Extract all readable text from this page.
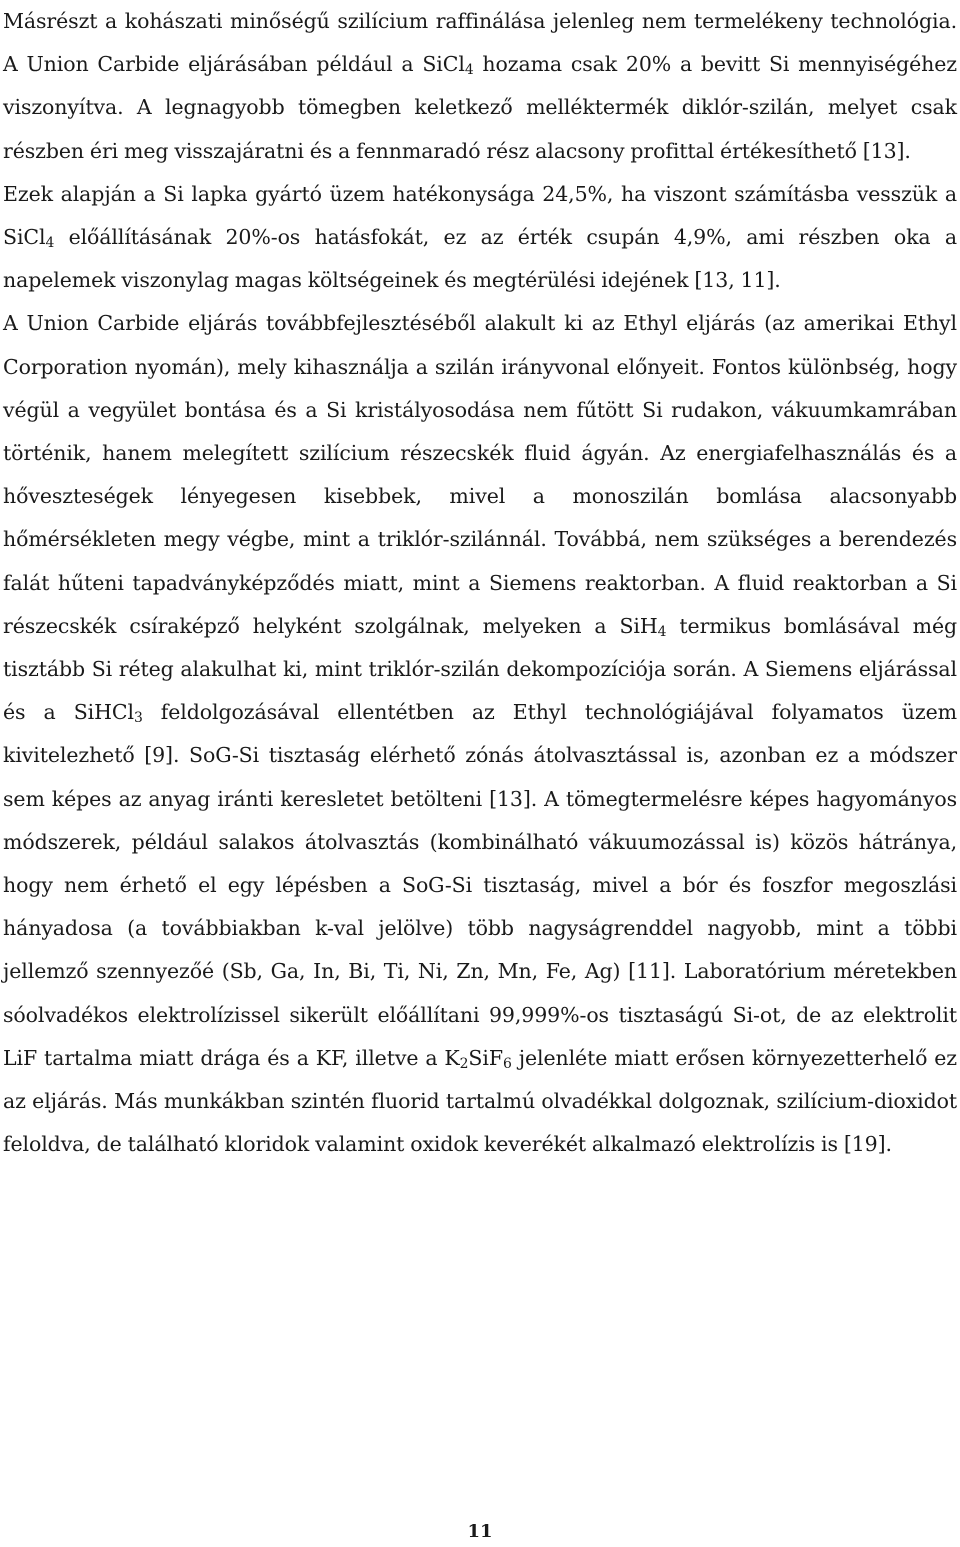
Másrészt a kohászati minőségű szilícium raffinálása jelenleg nem termelékeny technológia. A Union Carbide eljárásában például a SiCl$_4$ hozama csak 20% a bevitt Si mennyiségéhez viszonyítva. A legnagyobb tömegben keletkező melléktermék diklór-szilán, melyet csak részben éri meg visszajáratni és a fennmaradó rész alacsony profittal értékesíthető [13].

Ezek alapján a Si lapka gyártó üzem hatékonysága 24,5%, ha viszont számításba vesszük a SiCl$_4$ előállításának 20%-os hatásfokát, ez az érték csupán 4,9%, ami részben oka a napelemek viszonylag magas költségeinek és megtérülési idejének [13, 11].

A Union Carbide eljárás továbbfejlesztéséből alakult ki az Ethyl eljárás (az amerikai Ethyl Corporation nyomán), mely kihasználja a szilán irányvonal előnyeit. Fontos különbség, hogy végül a vegyület bontása és a Si kristályosodása nem fűtött Si rudakon, vákuumkamrában történik, hanem melegített szilícium részecskék fluid ágyán. Az energiafelhasználás és a hőveszteségek lényegesen kisebbek, mivel a monoszilán bomlása alacsonyabb hőmérsékleten megy végbe, mint a triklór-szilánnál. Továbbá, nem szükséges a berendezés falát hűteni tapadványképződés miatt, mint a Siemens reaktorban. A fluid reaktorban a Si részecskék csíraképző helyként szolgálnak, melyeken a SiH$_4$ termikus bomlásával még tisztább Si réteg alakulhat ki, mint triklór-szilán dekompozíciója során. A Siemens eljárással és a SiHCl$_3$ feldolgozásával ellentétben az Ethyl technológiájával folyamatos üzem kivitelezhető [9]. SoG-Si tisztaság elérhető zónás átolvasztással is, azonban ez a módszer sem képes az anyag iránti keresletet betölteni [13]. A tömegtermelésre képes hagyományos módszerek, például salakos átolvasztás (kombinálható vákuumozással is) közös hátránya, hogy nem érhető el egy lépésben a SoG-Si tisztaság, mivel a bór és foszfor megoszlási hányadosa (a továbbiakban k-val jelölve) több nagyságrenddel nagyobb, mint a többi jellemző szennyezőé (Sb, Ga, In, Bi, Ti, Ni, Zn, Mn, Fe, Ag) [11]. Laboratórium méretekben sóolvadékos elektrolízissel sikerült előállítani 99,999%-os tisztaságú Si-ot, de az elektrolit LiF tartalma miatt drága és a KF, illetve a $K_2SiF_6$ jelenléte miatt erősen környezetterhelő ez az eljárás. Más munkákban szintén fluorid tartalmú olvadékkal dolgoznak, szilícium-dioxidot feloldva, de található kloridok valamint oxidok keverékét alkalmazó elektrolízis is [19].

11
